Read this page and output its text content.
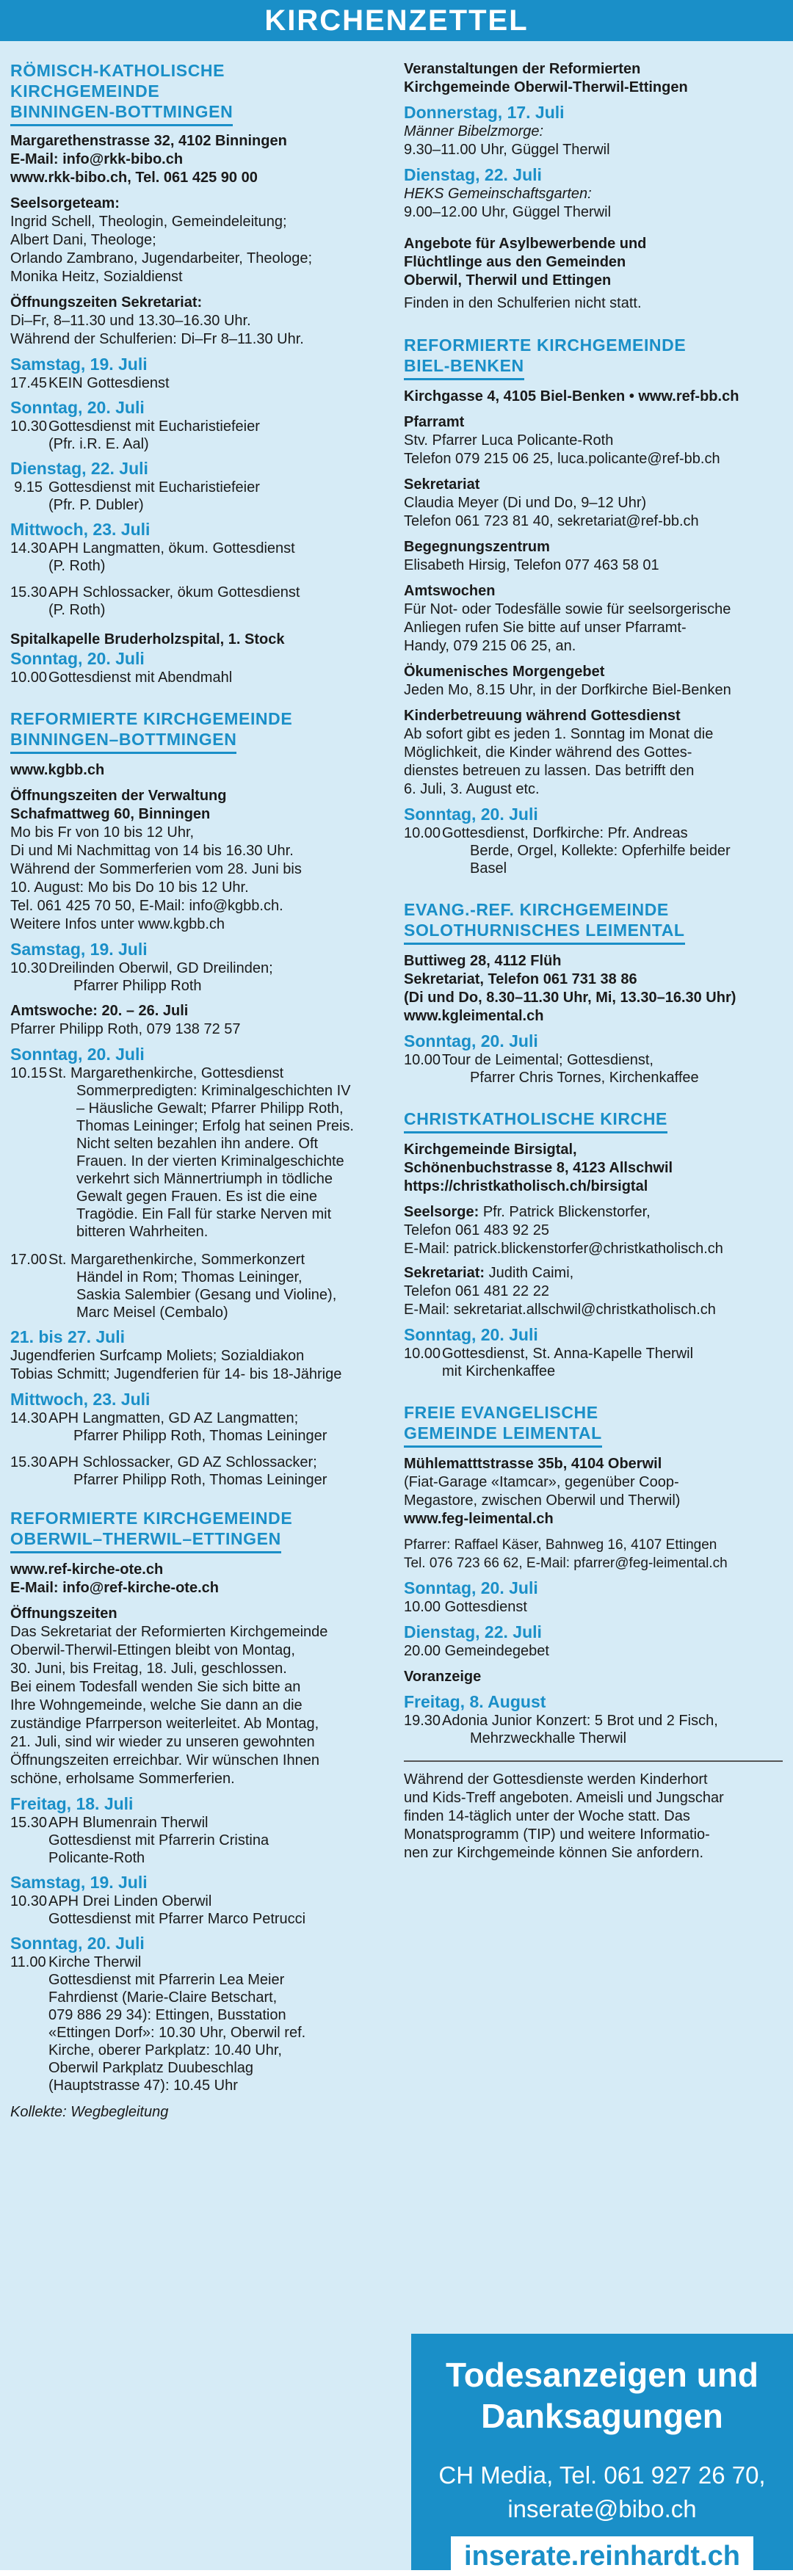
KIRCHENZETTEL
RÖMISCH-KATHOLISCHE
KIRCHGEMEINDE
BINNINGEN-BOTTMINGEN
Margarethenstrasse 32, 4102 Binningen
E-Mail: info@rkk-bibo.ch
www.rkk-bibo.ch, Tel. 061 425 90 00
Seelsorgeteam:
Ingrid Schell, Theologin, Gemeindeleitung;
Albert Dani, Theologe;
Orlando Zambrano, Jugendarbeiter, Theologe;
Monika Heitz, Sozialdienst
Öffnungszeiten Sekretariat:
Di–Fr, 8–11.30 und 13.30–16.30 Uhr.
Während der Schulferien: Di–Fr 8–11.30 Uhr.
Samstag, 19. Juli
17.45 KEIN Gottesdienst
Sonntag, 20. Juli
10.30 Gottesdienst mit Eucharistiefeier
(Pfr. i.R. E. Aal)
Dienstag, 22. Juli
9.15 Gottesdienst mit Eucharistiefeier
(Pfr. P. Dubler)
Mittwoch, 23. Juli
14.30 APH Langmatten, ökum. Gottesdienst
(P. Roth)
15.30 APH Schlossacker, ökum Gottesdienst
(P. Roth)
Spitalkapelle Bruderholzspital, 1. Stock
Sonntag, 20. Juli
10.00 Gottesdienst mit Abendmahl
REFORMIERTE KIRCHGEMEINDE
BINNINGEN–BOTTMINGEN
www.kgbb.ch
Öffnungszeiten der Verwaltung
Schafmattweg 60, Binningen
Mo bis Fr von 10 bis 12 Uhr,
Di und Mi Nachmittag von 14 bis 16.30 Uhr.
Während der Sommerferien vom 28. Juni bis
10. August: Mo bis Do 10 bis 12 Uhr.
Tel. 061 425 70 50, E-Mail: info@kgbb.ch.
Weitere Infos unter www.kgbb.ch
Samstag, 19. Juli
10.30 Dreilinden Oberwil, GD Dreilinden;
Pfarrer Philipp Roth
Amtswoche: 20. – 26. Juli
Pfarrer Philipp Roth, 079 138 72 57
Sonntag, 20. Juli
10.15 St. Margarethenkirche, Gottesdienst
Sommerpredigten: Kriminalgeschichten IV
– Häusliche Gewalt; Pfarrer Philipp Roth,
Thomas Leininger; Erfolg hat seinen Preis.
Nicht selten bezahlen ihn andere. Oft
Frauen. In der vierten Kriminalgeschichte
verkehrt sich Männertriumph in tödliche
Gewalt gegen Frauen. Es ist die eine
Tragödie. Ein Fall für starke Nerven mit
bitteren Wahrheiten.
17.00 St. Margarethenkirche, Sommerkonzert
Händel in Rom; Thomas Leininger,
Saskia Salembier (Gesang und Violine),
Marc Meisel (Cembalo)
21. bis 27. Juli
Jugendferien Surfcamp Moliets; Sozialdiakon
Tobias Schmitt; Jugendferien für 14- bis 18-Jährige
Mittwoch, 23. Juli
14.30 APH Langmatten, GD AZ Langmatten;
Pfarrer Philipp Roth, Thomas Leininger
15.30 APH Schlossacker, GD AZ Schlossacker;
Pfarrer Philipp Roth, Thomas Leininger
REFORMIERTE KIRCHGEMEINDE
OBERWIL–THERWIL–ETTINGEN
www.ref-kirche-ote.ch
E-Mail: info@ref-kirche-ote.ch
Öffnungszeiten
Das Sekretariat der Reformierten Kirchgemeinde
Oberwil-Therwil-Ettingen bleibt von Montag,
30. Juni, bis Freitag, 18. Juli, geschlossen.
Bei einem Todesfall wenden Sie sich bitte an
Ihre Wohngemeinde, welche Sie dann an die
zuständige Pfarrperson weiterleitet. Ab Montag,
21. Juli, sind wir wieder zu unseren gewohnten
Öffnungszeiten erreichbar. Wir wünschen Ihnen
schöne, erholsame Sommerferien.
Freitag, 18. Juli
15.30 APH Blumenrain Therwil
Gottesdienst mit Pfarrerin Cristina
Policante-Roth
Samstag, 19. Juli
10.30 APH Drei Linden Oberwil
Gottesdienst mit Pfarrer Marco Petrucci
Sonntag, 20. Juli
11.00 Kirche Therwil
Gottesdienst mit Pfarrerin Lea Meier
Fahrdienst (Marie-Claire Betschart,
079 886 29 34): Ettingen, Busstation
«Ettingen Dorf»: 10.30 Uhr, Oberwil ref.
Kirche, oberer Parkplatz: 10.40 Uhr,
Oberwil Parkplatz Duubeschlag
(Hauptstrasse 47): 10.45 Uhr
Kollekte: Wegbegleitung
Veranstaltungen der Reformierten
Kirchgemeinde Oberwil-Therwil-Ettingen
Donnerstag, 17. Juli
Männer Bibelzmorge:
9.30–11.00 Uhr, Güggel Therwil
Dienstag, 22. Juli
HEKS Gemeinschaftsgarten:
9.00–12.00 Uhr, Güggel Therwil
Angebote für Asylbewerbende und
Flüchtlinge aus den Gemeinden
Oberwil, Therwil und Ettingen
Finden in den Schulferien nicht statt.
REFORMIERTE KIRCHGEMEINDE
BIEL-BENKEN
Kirchgasse 4, 4105 Biel-Benken • www.ref-bb.ch
Pfarramt
Stv. Pfarrer Luca Policante-Roth
Telefon 079 215 06 25, luca.policante@ref-bb.ch
Sekretariat
Claudia Meyer (Di und Do, 9–12 Uhr)
Telefon 061 723 81 40, sekretariat@ref-bb.ch
Begegnungszentrum
Elisabeth Hirsig, Telefon 077 463 58 01
Amtswochen
Für Not- oder Todesfälle sowie für seelsorgerische
Anliegen rufen Sie bitte auf unser Pfarramt-
Handy, 079 215 06 25, an.
Ökumenisches Morgengebet
Jeden Mo, 8.15 Uhr, in der Dorfkirche Biel-Benken
Kinderbetreuung während Gottesdienst
Ab sofort gibt es jeden 1. Sonntag im Monat die
Möglichkeit, die Kinder während des Gottes-
dienstes betreuen zu lassen. Das betrifft den
6. Juli, 3. August etc.
Sonntag, 20. Juli
10.00 Gottesdienst, Dorfkirche: Pfr. Andreas
Berde, Orgel, Kollekte: Opferhilfe beider
Basel
EVANG.-REF. KIRCHGEMEINDE
SOLOTHURNISCHES LEIMENTAL
Buttiweg 28, 4112 Flüh
Sekretariat, Telefon 061 731 38 86
(Di und Do, 8.30–11.30 Uhr, Mi, 13.30–16.30 Uhr)
www.kgleimental.ch
Sonntag, 20. Juli
10.00 Tour de Leimental; Gottesdienst,
Pfarrer Chris Tornes, Kirchenkaffee
CHRISTKATHOLISCHE KIRCHE
Kirchgemeinde Birsigtal,
Schönenbuchstrasse 8, 4123 Allschwil
https://christkatholisch.ch/birsigtal
Seelsorge: Pfr. Patrick Blickenstorfer,
Telefon 061 483 92 25
E-Mail: patrick.blickenstorfer@christkatholisch.ch
Sekretariat: Judith Caimi,
Telefon 061 481 22 22
E-Mail: sekretariat.allschwil@christkatholisch.ch
Sonntag, 20. Juli
10.00 Gottesdienst, St. Anna-Kapelle Therwil
mit Kirchenkaffee
FREIE EVANGELISCHE
GEMEINDE LEIMENTAL
Mühlematttstrasse 35b, 4104 Oberwil
(Fiat-Garage «Itamcar», gegenüber Coop-
Megastore, zwischen Oberwil und Therwil)
www.feg-leimental.ch
Pfarrer: Raffael Käser, Bahnweg 16, 4107 Ettingen
Tel. 076 723 66 62, E-Mail: pfarrer@feg-leimental.ch
Sonntag, 20. Juli
10.00 Gottesdienst
Dienstag, 22. Juli
20.00 Gemeindegebet
Voranzeige
Freitag, 8. August
19.30 Adonia Junior Konzert: 5 Brot und 2 Fisch,
Mehrzweckhalle Therwil
Während der Gottesdienste werden Kinderhort
und Kids-Treff angeboten. Ameisli und Jungschar
finden 14-täglich unter der Woche statt. Das
Monatsprogramm (TIP) und weitere Informatio-
nen zur Kirchgemeinde können Sie anfordern.
Todesanzeigen und
Danksagungen
CH Media, Tel. 061 927 26 70,
inserate@bibo.ch
inserate.reinhardt.ch
